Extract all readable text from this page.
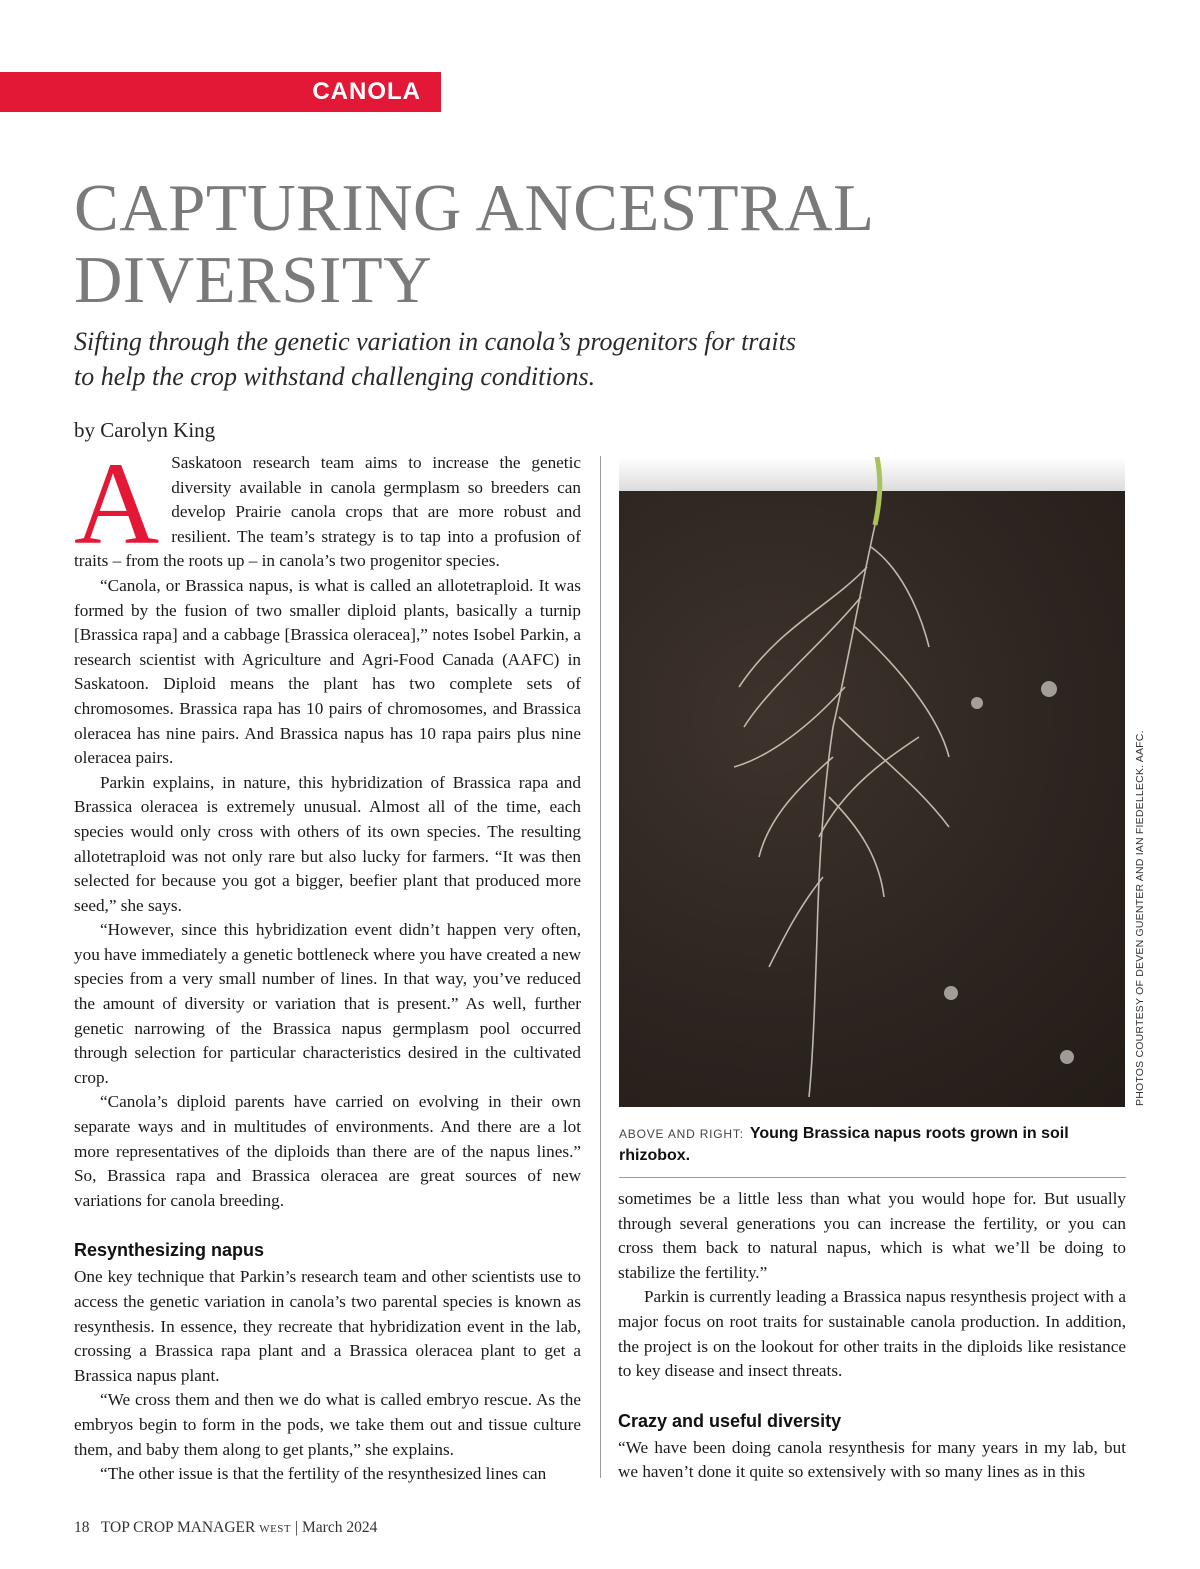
CANOLA
CAPTURING ANCESTRAL DIVERSITY
Sifting through the genetic variation in canola’s progenitors for traits
to help the crop withstand challenging conditions.
by Carolyn King
A Saskatoon research team aims to increase the genetic diversity available in canola germplasm so breeders can develop Prairie canola crops that are more robust and resilient. The team’s strategy is to tap into a profusion of traits – from the roots up – in canola’s two progenitor species.

“Canola, or Brassica napus, is what is called an allotetraploid. It was formed by the fusion of two smaller diploid plants, basically a turnip [Brassica rapa] and a cabbage [Brassica oleracea],” notes Isobel Parkin, a research scientist with Agriculture and Agri-Food Canada (AAFC) in Saskatoon. Diploid means the plant has two complete sets of chromosomes. Brassica rapa has 10 pairs of chromosomes, and Brassica oleracea has nine pairs. And Brassica napus has 10 rapa pairs plus nine oleracea pairs.

Parkin explains, in nature, this hybridization of Brassica rapa and Brassica oleracea is extremely unusual. Almost all of the time, each species would only cross with others of its own species. The resulting allotetraploid was not only rare but also lucky for farmers. “It was then selected for because you got a bigger, beefier plant that produced more seed,” she says.

“However, since this hybridization event didn’t happen very often, you have immediately a genetic bottleneck where you have created a new species from a very small number of lines. In that way, you’ve reduced the amount of diversity or variation that is present.” As well, further genetic narrowing of the Brassica napus germplasm pool occurred through selection for particular characteristics desired in the cultivated crop.

“Canola’s diploid parents have carried on evolving in their own separate ways and in multitudes of environments. And there are a lot more representatives of the diploids than there are of the napus lines.” So, Brassica rapa and Brassica oleracea are great sources of new variations for canola breeding.

Resynthesizing napus

One key technique that Parkin’s research team and other scientists use to access the genetic variation in canola’s two parental species is known as resynthesis. In essence, they recreate that hybridization event in the lab, crossing a Brassica rapa plant and a Brassica oleracea plant to get a Brassica napus plant.

“We cross them and then we do what is called embryo rescue. As the embryos begin to form in the pods, we take them out and tissue culture them, and baby them along to get plants,” she explains.

“The other issue is that the fertility of the resynthesized lines can

PHOTOS COURTESY OF DEVEN GUENTER AND IAN FIEDELLECK. AAFC.
ABOVE AND RIGHT: Young Brassica napus roots grown in soil rhizobox.

sometimes be a little less than what you would hope for. But usually through several generations you can increase the fertility, or you can cross them back to natural napus, which is what we’ll be doing to stabilize the fertility.”

Parkin is currently leading a Brassica napus resynthesis project with a major focus on root traits for sustainable canola production. In addition, the project is on the lookout for other traits in the diploids like resistance to key disease and insect threats.

Crazy and useful diversity

“We have been doing canola resynthesis for many years in my lab, but we haven’t done it quite so extensively with so many lines as in this

18 TOP CROP MANAGER WEST | March 2024
